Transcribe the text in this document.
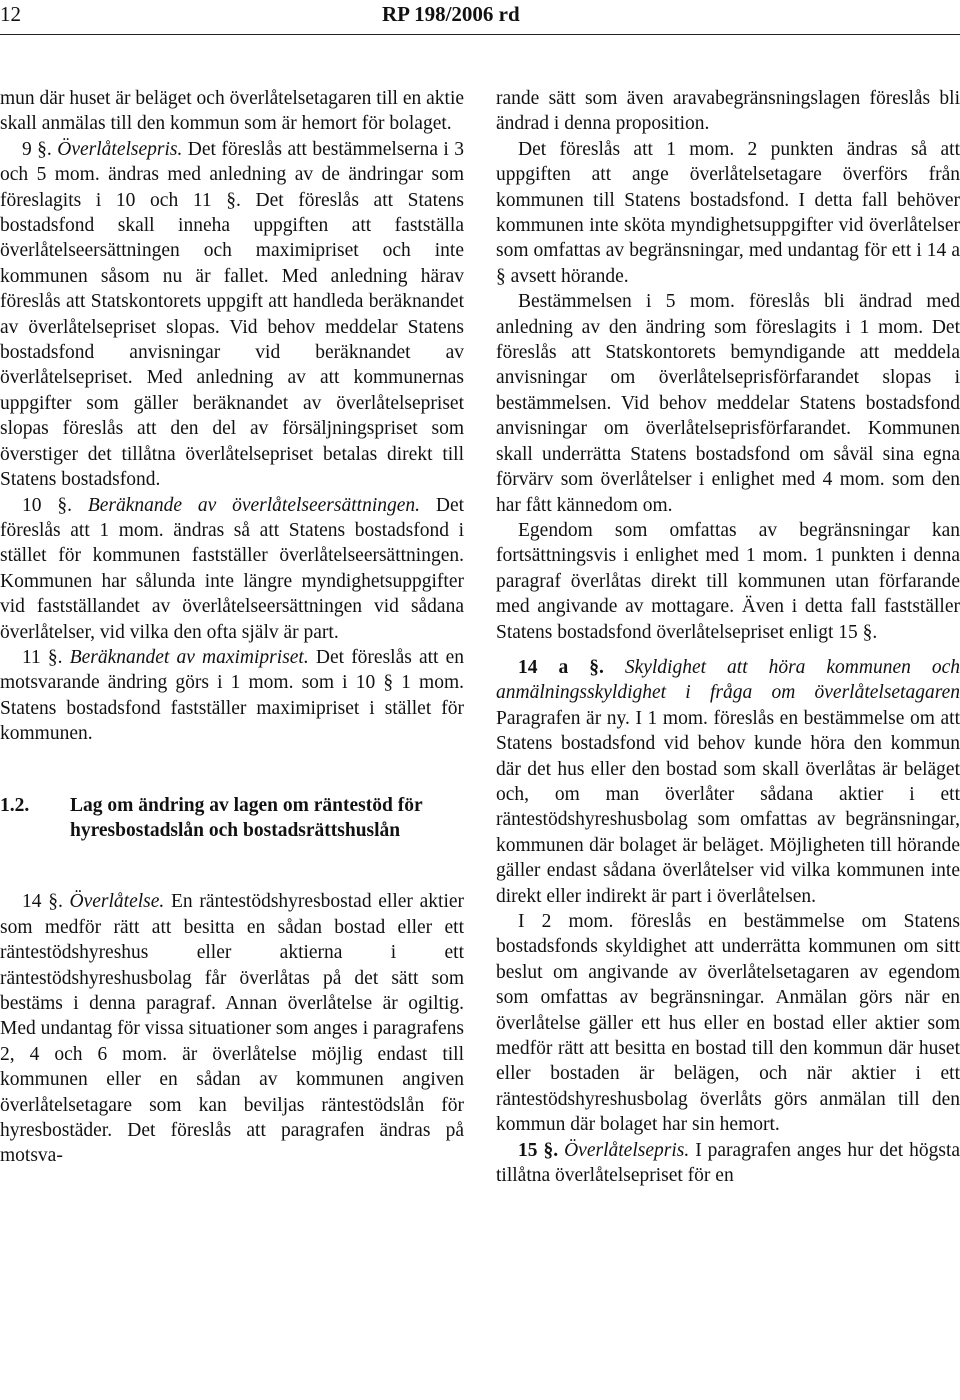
12	RP 198/2006 rd

mun där huset är beläget och överlåtelsetagaren till en aktie skall anmälas till den kommun som är hemort för bolaget.

9 §. Överlåtelsepris. Det föreslås att bestämmelserna i 3 och 5 mom. ändras med anledning av de ändringar som föreslagits i 10 och 11 §. Det föreslås att Statens bostadsfond skall inneha uppgiften att fastställa överlåtelseersättningen och maximipriset och inte kommunen såsom nu är fallet. Med anledning härav föreslås att Statskontorets uppgift att handleda beräknandet av överlåtelsepriset slopas. Vid behov meddelar Statens bostadsfond anvisningar vid beräknandet av överlåtelsepriset. Med anledning av att kommunernas uppgifter som gäller beräknandet av överlåtelsepriset slopas föreslås att den del av försäljningspriset som överstiger det tillåtna överlåtelsepriset betalas direkt till Statens bostadsfond.

10 §. Beräknande av överlåtelseersättningen. Det föreslås att 1 mom. ändras så att Statens bostadsfond i stället för kommunen fastställer överlåtelseersättningen. Kommunen har sålunda inte längre myndighetsuppgifter vid fastställandet av överlåtelseersättningen vid sådana överlåtelser, vid vilka den ofta själv är part.

11 §. Beräknandet av maximipriset. Det föreslås att en motsvarande ändring görs i 1 mom. som i 10 § 1 mom. Statens bostadsfond fastställer maximipriset i stället för kommunen.

1.2.	Lag om ändring av lagen om räntestöd för hyresbostadslån och bostadsrättshuslån

14 §. Överlåtelse. En räntestödshyresbostad eller aktier som medför rätt att besitta en sådan bostad eller ett räntestödshyreshus eller aktierna i ett räntestödshyreshusbolag får överlåtas på det sätt som bestäms i denna paragraf. Annan överlåtelse är ogiltig. Med undantag för vissa situationer som anges i paragrafens 2, 4 och 6 mom. är överlåtelse möjlig endast till kommunen eller en sådan av kommunen angiven överlåtelsetagare som kan beviljas räntestödslån för hyresbostäder. Det föreslås att paragrafen ändras på motsva-

rande sätt som även aravabegränsningslagen föreslås bli ändrad i denna proposition.

Det föreslås att 1 mom. 2 punkten ändras så att uppgiften att ange överlåtelsetagare överförs från kommunen till Statens bostadsfond. I detta fall behöver kommunen inte sköta myndighetsuppgifter vid överlåtelser som omfattas av begränsningar, med undantag för ett i 14 a § avsett hörande.

Bestämmelsen i 5 mom. föreslås bli ändrad med anledning av den ändring som föreslagits i 1 mom. Det föreslås att Statskontorets bemyndigande att meddela anvisningar om överlåtelseprisförfarandet slopas i bestämmelsen. Vid behov meddelar Statens bostadsfond anvisningar om överlåtelseprisförfarandet. Kommunen skall underrätta Statens bostadsfond om såväl sina egna förvärv som överlåtelser i enlighet med 4 mom. som den har fått kännedom om.

Egendom som omfattas av begränsningar kan fortsättningsvis i enlighet med 1 mom. 1 punkten i denna paragraf överlåtas direkt till kommunen utan förfarande med angivande av mottagare. Även i detta fall fastställer Statens bostadsfond överlåtelsepriset enligt 15 §.

14 a §. Skyldighet att höra kommunen och anmälningsskyldighet i fråga om överlåtelsetagaren Paragrafen är ny. I 1 mom. föreslås en bestämmelse om att Statens bostadsfond vid behov kunde höra den kommun där det hus eller den bostad som skall överlåtas är beläget och, om man överlåter sådana aktier i ett räntestödshyreshusbolag som omfattas av begränsningar, kommunen där bolaget är beläget. Möjligheten till hörande gäller endast sådana överlåtelser vid vilka kommunen inte direkt eller indirekt är part i överlåtelsen.

I 2 mom. föreslås en bestämmelse om Statens bostadsfonds skyldighet att underrätta kommunen om sitt beslut om angivande av överlåtelsetagaren av egendom som omfattas av begränsningar. Anmälan görs när en överlåtelse gäller ett hus eller en bostad eller aktier som medför rätt att besitta en bostad till den kommun där huset eller bostaden är belägen, och när aktier i ett räntestödshyreshusbolag överlåts görs anmälan till den kommun där bolaget har sin hemort.

15 §. Överlåtelsepris. I paragrafen anges hur det högsta tillåtna överlåtelsepriset för en
